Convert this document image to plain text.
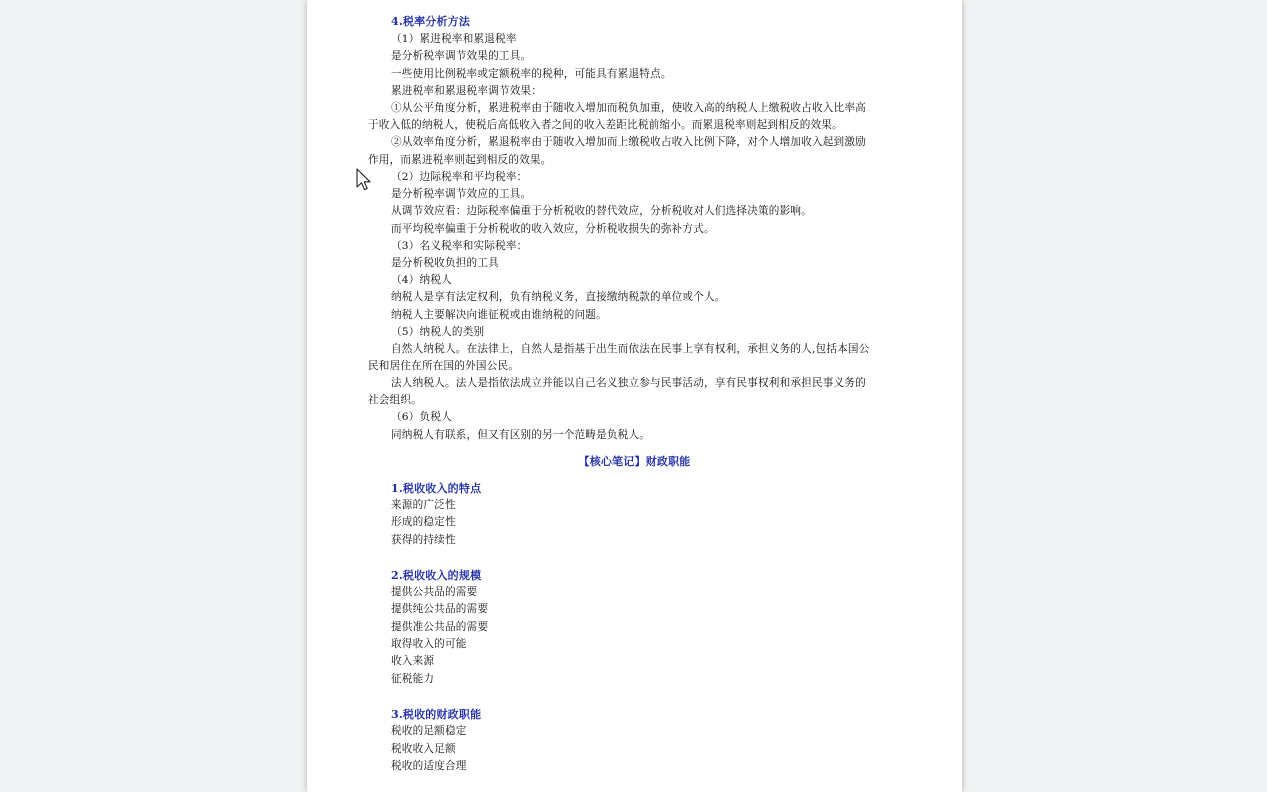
4.税率分析方法
（1）累进税率和累退税率
是分析税率调节效果的工具。
一些使用比例税率或定额税率的税种，可能具有累退特点。
累进税率和累退税率调节效果：
①从公平角度分析，累进税率由于随收入增加而税负加重，使收入高的纳税人上缴税收占收入比率高
于收入低的纳税人，使税后高低收入者之间的收入差距比税前缩小。而累退税率则起到相反的效果。
②从效率角度分析，累退税率由于随收入增加而上缴税收占收入比例下降，对个人增加收入起到激励
作用，而累进税率则起到相反的效果。
（2）边际税率和平均税率：
是分析税率调节效应的工具。
从调节效应看：边际税率偏重于分析税收的替代效应，分析税收对人们选择决策的影响。
而平均税率偏重于分析税收的收入效应，分析税收损失的弥补方式。
（3）名义税率和实际税率：
是分析税收负担的工具
（4）纳税人
纳税人是享有法定权利，负有纳税义务，直接缴纳税款的单位或个人。
纳税人主要解决向谁征税或由谁纳税的问题。
（5）纳税人的类别
自然人纳税人。在法律上，自然人是指基于出生而依法在民事上享有权利，承担义务的人,包括本国公
民和居住在所在国的外国公民。
法人纳税人。法人是指依法成立并能以自己名义独立参与民事活动，享有民事权利和承担民事义务的
社会组织。
（6）负税人
同纳税人有联系，但又有区别的另一个范畴是负税人。
【核心笔记】财政职能
1.税收收入的特点
来源的广泛性
形成的稳定性
获得的持续性
2.税收收入的规模
提供公共品的需要
提供纯公共品的需要
提供准公共品的需要
取得收入的可能
收入来源
征税能力
3.税收的财政职能
税收的足额稳定
税收收入足额
税收的适度合理
